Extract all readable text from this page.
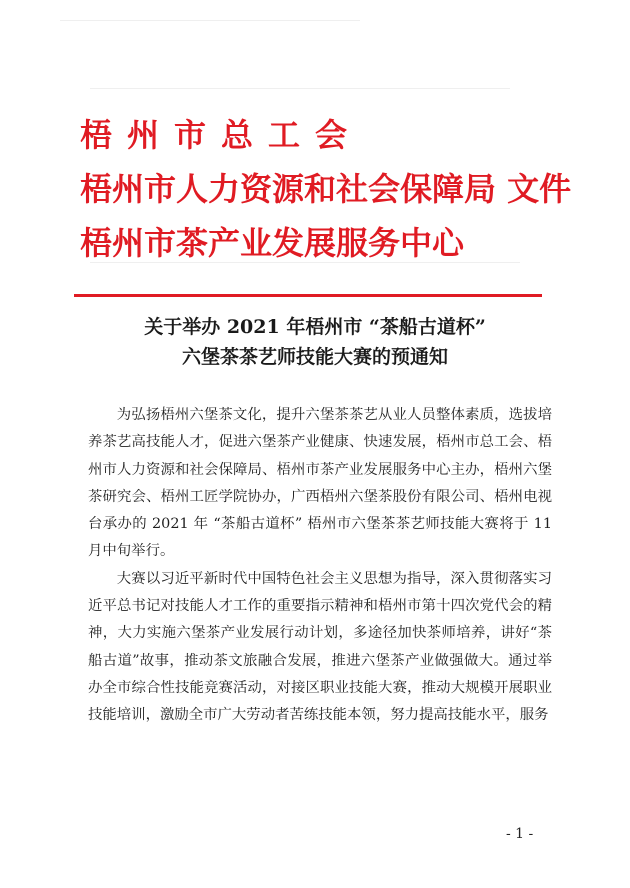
梧州市总工会
梧州市人力资源和社会保障局 文件
梧州市茶产业发展服务中心
关于举办 2021 年梧州市 “茶船古道杯”
六堡茶茶艺师技能大赛的预通知

为弘扬梧州六堡茶文化，提升六堡茶茶艺从业人员整体素质，选拔培养茶艺高技能人才，促进六堡茶产业健康、快速发展，梧州市总工会、梧州市人力资源和社会保障局、梧州市茶产业发展服务中心主办，梧州六堡茶研究会、梧州工匠学院协办，广西梧州六堡茶股份有限公司、梧州电视台承办的 2021 年 “茶船古道杯” 梧州市六堡茶茶艺师技能大赛将于 11 月中旬举行。

大赛以习近平新时代中国特色社会主义思想为指导，深入贯彻落实习近平总书记对技能人才工作的重要指示精神和梧州市第十四次党代会的精神，大力实施六堡茶产业发展行动计划，多途径加快茶师培养，讲好“茶船古道”故事，推动茶文旅融合发展，推进六堡茶产业做强做大。通过举办全市综合性技能竞赛活动，对接区职业技能大赛，推动大规模开展职业技能培训，激励全市广大劳动者苦练技能本领，努力提高技能水平，服务

- 1 -
